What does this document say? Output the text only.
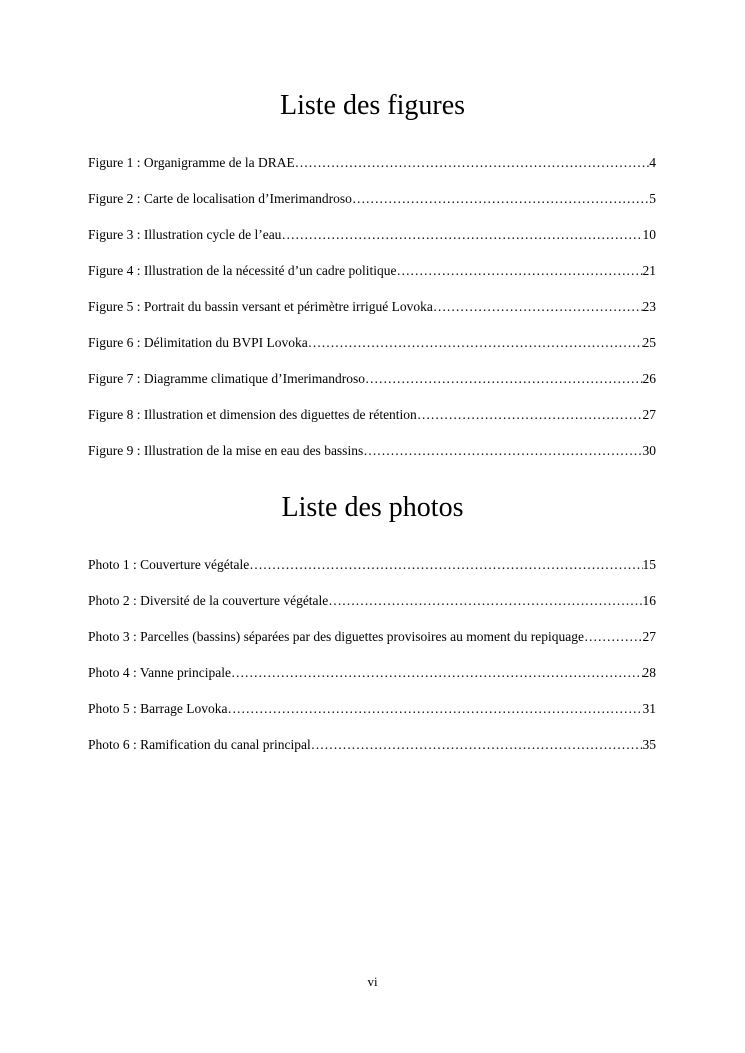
Liste des figures
Figure 1 : Organigramme de la DRAE ……………………………………………………………………………………………………………………………………………………………………………………	4
Figure 2 : Carte de localisation d’Imerimandroso ……………………………………………………………………………………………………………………………………………………………………………………	5
Figure 3 : Illustration cycle de l’eau ……………………………………………………………………………………………………………………………………………………………………………………	10
Figure 4 : Illustration de la nécessité d’un cadre politique ……………………………………………………………………………………………………………………………………………………………………………………	21
Figure 5 : Portrait du bassin versant et périmètre irrigué Lovoka ……………………………………………………………………………………………………………………………………………………………………………………	23
Figure 6 : Délimitation du BVPI Lovoka ……………………………………………………………………………………………………………………………………………………………………………………	25
Figure 7 : Diagramme climatique d’Imerimandroso ……………………………………………………………………………………………………………………………………………………………………………………	26
Figure 8 : Illustration et dimension des diguettes de rétention ……………………………………………………………………………………………………………………………………………………………………………………	27
Figure 9 : Illustration de la mise en eau des bassins ……………………………………………………………………………………………………………………………………………………………………………………	30
Liste des photos
Photo 1 : Couverture végétale ……………………………………………………………………………………………………………………………………………………………………………………	15
Photo 2 : Diversité de la couverture végétale ……………………………………………………………………………………………………………………………………………………………………………………	16
Photo 3 : Parcelles (bassins) séparées par des diguettes provisoires au moment du repiquage ……………………………………………………………………………………………………………………………………………………………………………………	27
Photo 4 : Vanne principale ……………………………………………………………………………………………………………………………………………………………………………………	28
Photo 5 : Barrage Lovoka ……………………………………………………………………………………………………………………………………………………………………………………	31
Photo 6 : Ramification du canal principal ……………………………………………………………………………………………………………………………………………………………………………………	35
vi
